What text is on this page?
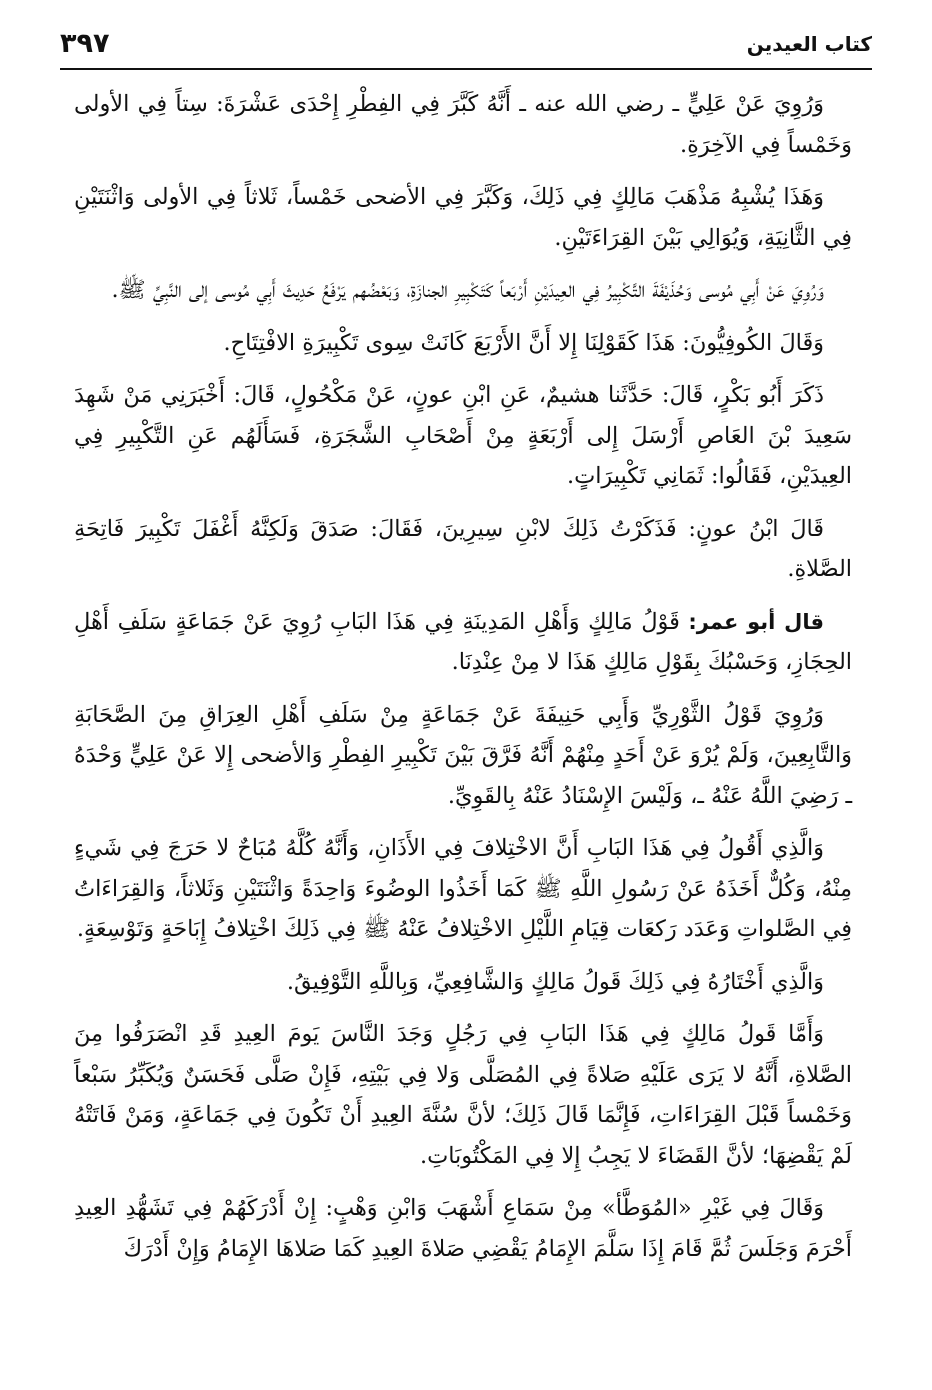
٣٩٧	كتاب العيدين

وَرُوِيَ عَنْ عَلِيٍّ ـ رضي الله عنه ـ أَنَّهُ كَبَّرَ فِي الفِطْرِ إِحْدَى عَشْرَةَ: سِتاً فِي الأولى وَخَمْساً فِي الآخِرَةِ.

وَهَذَا يُشْبِهُ مَذْهَبَ مَالِكٍ فِي ذَلِكَ، وَكَبَّرَ فِي الأضحى خَمْساً، ثَلاثاً فِي الأولى وَاثْنَتَيْنِ فِي الثَّانِيَةِ، وَيُوَالِي بَيْنَ القِرَاءَتَيْنِ.

وَرُوِيَ عَنْ أَبِي مُوسى وَحُذَيْفَةَ التَّكْبِيرُ فِي العِيدَيْنِ أَرْبَعاً كَتَكْبِيرِ الجنازَةِ، وَبَعْضُهم يَرْفَعُ حَدِيثَ أَبِي مُوسى إلى النَّبِيِّ ﷺ.

وَقَالَ الكُوفِيُّونَ: هَذَا كَقَوْلِنَا إِلا أَنَّ الأَرْبَعَ كَانَتْ سِوى تَكْبِيرَةِ الافْتِتَاحِ.

ذَكَرَ أَبُو بَكْرٍ، قَالَ: حَدَّثَنا هشيمٌ، عَنِ ابْنِ عونٍ، عَنْ مَكْحُولٍ، قَالَ: أَخْبَرَنِي مَنْ شَهِدَ سَعِيدَ بْنَ العَاصِ أَرْسَلَ إِلى أَرْبَعَةٍ مِنْ أَصْحَابِ الشَّجَرَةِ، فَسَأَلَهُم عَنِ التَّكْبِيرِ فِي العِيدَيْنِ، فَقَالُوا: ثَمَانِي تَكْبِيرَاتٍ.

قَالَ ابْنُ عونٍ: فَذَكَرْتُ ذَلِكَ لابْنِ سِيرِينَ، فَقَالَ: صَدَقَ وَلَكِنَّهُ أَغْفَلَ تَكْبِيرَ فَاتِحَةِ الصَّلاةِ.

قال أبو عمر: قَوْلُ مَالِكٍ وَأَهْلِ المَدِينَةِ فِي هَذَا البَابِ رُوِيَ عَنْ جَمَاعَةٍ سَلَفِ أَهْلِ الحِجَازِ، وَحَسْبُكَ بِقَوْلِ مَالِكٍ هَذَا لا مِنْ عِنْدِنَا.

وَرُوِيَ قَوْلُ الثَّوْرِيِّ وَأَبِي حَنِيفَةَ عَنْ جَمَاعَةٍ مِنْ سَلَفِ أَهْلِ العِرَاقِ مِنَ الصَّحَابَةِ وَالتَّابِعِينَ، وَلَمْ يُرْوَ عَنْ أَحَدٍ مِنْهُمْ أَنَّهُ فَرَّقَ بَيْنَ تَكْبِيرِ الفِطْرِ وَالأضحى إِلا عَنْ عَلِيٍّ وَحْدَهُ ـ رَضِيَ اللَّهُ عَنْهُ ـ، وَلَيْسَ الإِسْنَادُ عَنْهُ بِالقَوِيِّ.

وَالَّذِي أَقُولُ فِي هَذَا البَابِ أَنَّ الاخْتِلافَ فِي الأَذَانِ، وَأَنَّهُ كُلَّهُ مُبَاحٌ لا حَرَجَ فِي شَيءٍ مِنْهُ، وَكُلٌّ أَخَذَهُ عَنْ رَسُولِ اللَّهِ ﷺ كَمَا أَخَذُوا الوضُوءَ وَاحِدَةً وَاثْنَتَيْنِ وَثَلاثاً، وَالقِرَاءَاتُ فِي الصَّلواتِ وَعَدَد رَكعَات قِيَامِ اللَّيْلِ الاخْتِلافُ عَنْهُ ﷺ فِي ذَلِكَ اخْتِلافُ إِبَاحَةٍ وَتَوْسِعَةٍ.

وَالَّذِي أَخْتَارُهُ فِي ذَلِكَ قَولُ مَالِكٍ وَالشَّافِعِيِّ، وَبِاللَّهِ التَّوْفِيقُ.

وَأَمَّا قَولُ مَالِكٍ فِي هَذَا البَابِ فِي رَجُلٍ وَجَدَ النَّاسَ يَومَ العِيدِ قَدِ انْصَرَفُوا مِنَ الصَّلاةِ، أَنَّهُ لا يَرَى عَلَيْهِ صَلاةً فِي المُصَلَّى وَلا فِي بَيْتِهِ، فَإِنْ صَلَّى فَحَسَنٌ وَيُكَبِّرُ سَبْعاً وَخَمْساً قَبْلَ القِرَاءَاتِ، فَإِنَّمَا قَالَ ذَلِكَ؛ لأنَّ سُنَّةَ العِيدِ أَنْ تَكُونَ فِي جَمَاعَةٍ، وَمَنْ فَاتَتْهُ لَمْ يَقْضِهَا؛ لأنَّ القَضَاءَ لا يَجِبُ إِلا فِي المَكْتُوبَاتِ.

وَقَالَ فِي غَيْرِ «المُوَطَّأ» مِنْ سَمَاعِ أَشْهَبَ وَابْنِ وَهْبٍ: إِنْ أَدْرَكَهُمْ فِي تَشَهُّدِ العِيدِ أَحْرَمَ وَجَلَسَ ثُمَّ قَامَ إِذَا سَلَّمَ الإِمَامُ يَقْضِي صَلاةَ العِيدِ كَمَا صَلاهَا الإِمَامُ وَإِنْ أَدْرَكَ
